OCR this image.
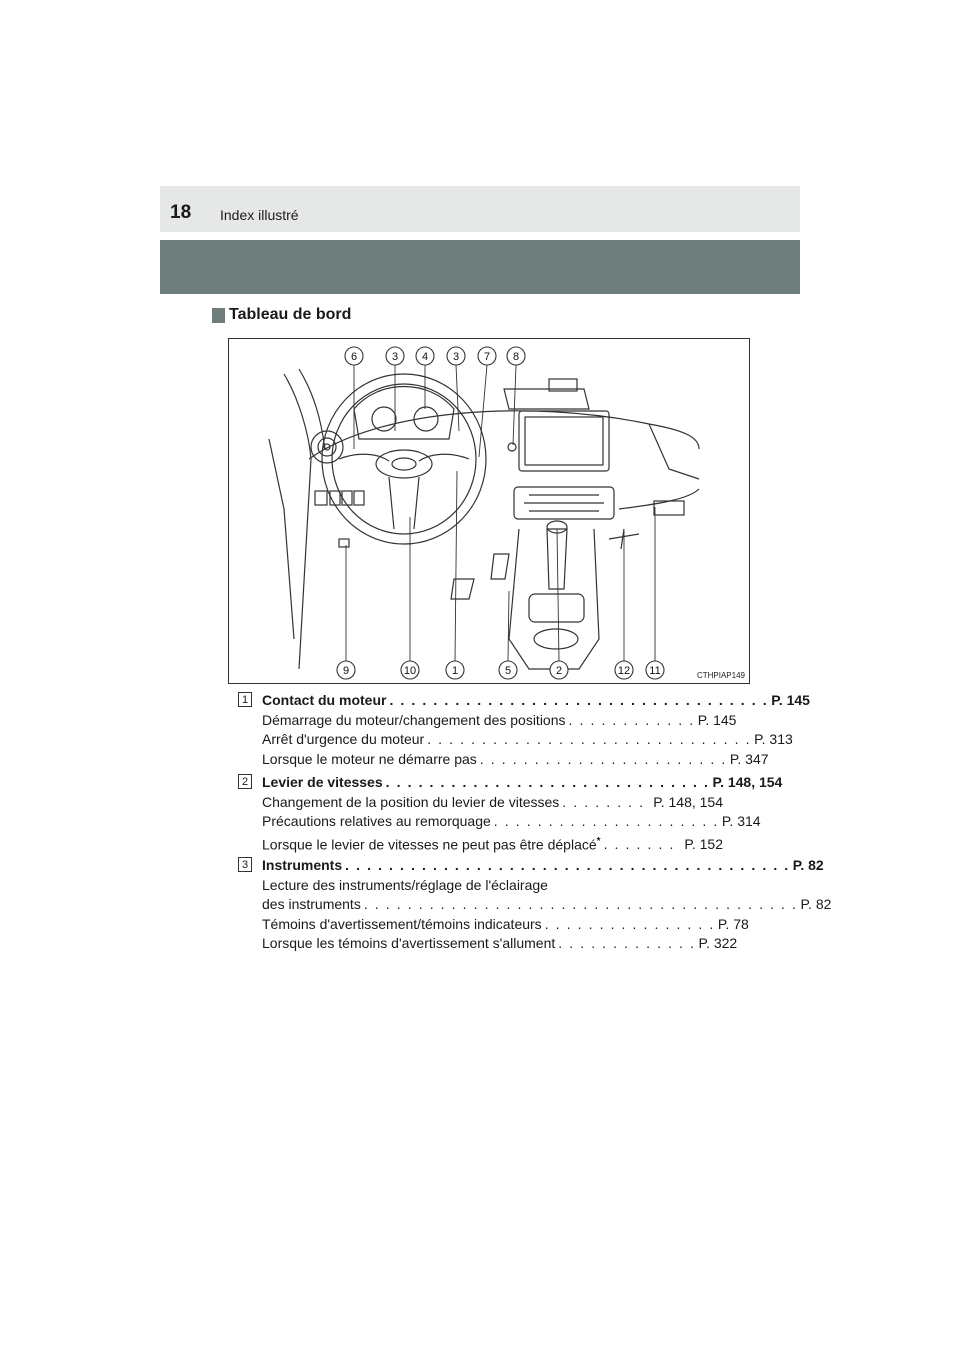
18 Index illustré
Tableau de bord
6	3 4 3 7 8
9	10	1	5	2	12 11	CTHPIAP149
1 Contact du moteur . . . . . . . . . . . . . . . . . . . . . . . . . . . . . . . . . . . P. 145
Démarrage du moteur/changement des positions . . . . . . . . . . . . P. 145
Arrêt d'urgence du moteur . . . . . . . . . . . . . . . . . . . . . . . . . . . . . . P. 313
Lorsque le moteur ne démarre pas . . . . . . . . . . . . . . . . . . . . . . . P. 347
2 Levier de vitesses . . . . . . . . . . . . . . . . . . . . . . . . . . . . . . P. 148, 154
Changement de la position du levier de vitesses . . . . . . . . P. 148, 154
Précautions relatives au remorquage . . . . . . . . . . . . . . . . . . . . . P. 314
Lorsque le levier de vitesses ne peut pas être déplacé* . . . . . . . P. 152
3 Instruments . . . . . . . . . . . . . . . . . . . . . . . . . . . . . . . . . . . . . . . . . P. 82
Lecture des instruments/réglage de l'éclairage
des instruments . . . . . . . . . . . . . . . . . . . . . . . . . . . . . . . . . . . . . . . . P. 82
Témoins d'avertissement/témoins indicateurs . . . . . . . . . . . . . . . . P. 78
Lorsque les témoins d'avertissement s'allument . . . . . . . . . . . . . P. 322
